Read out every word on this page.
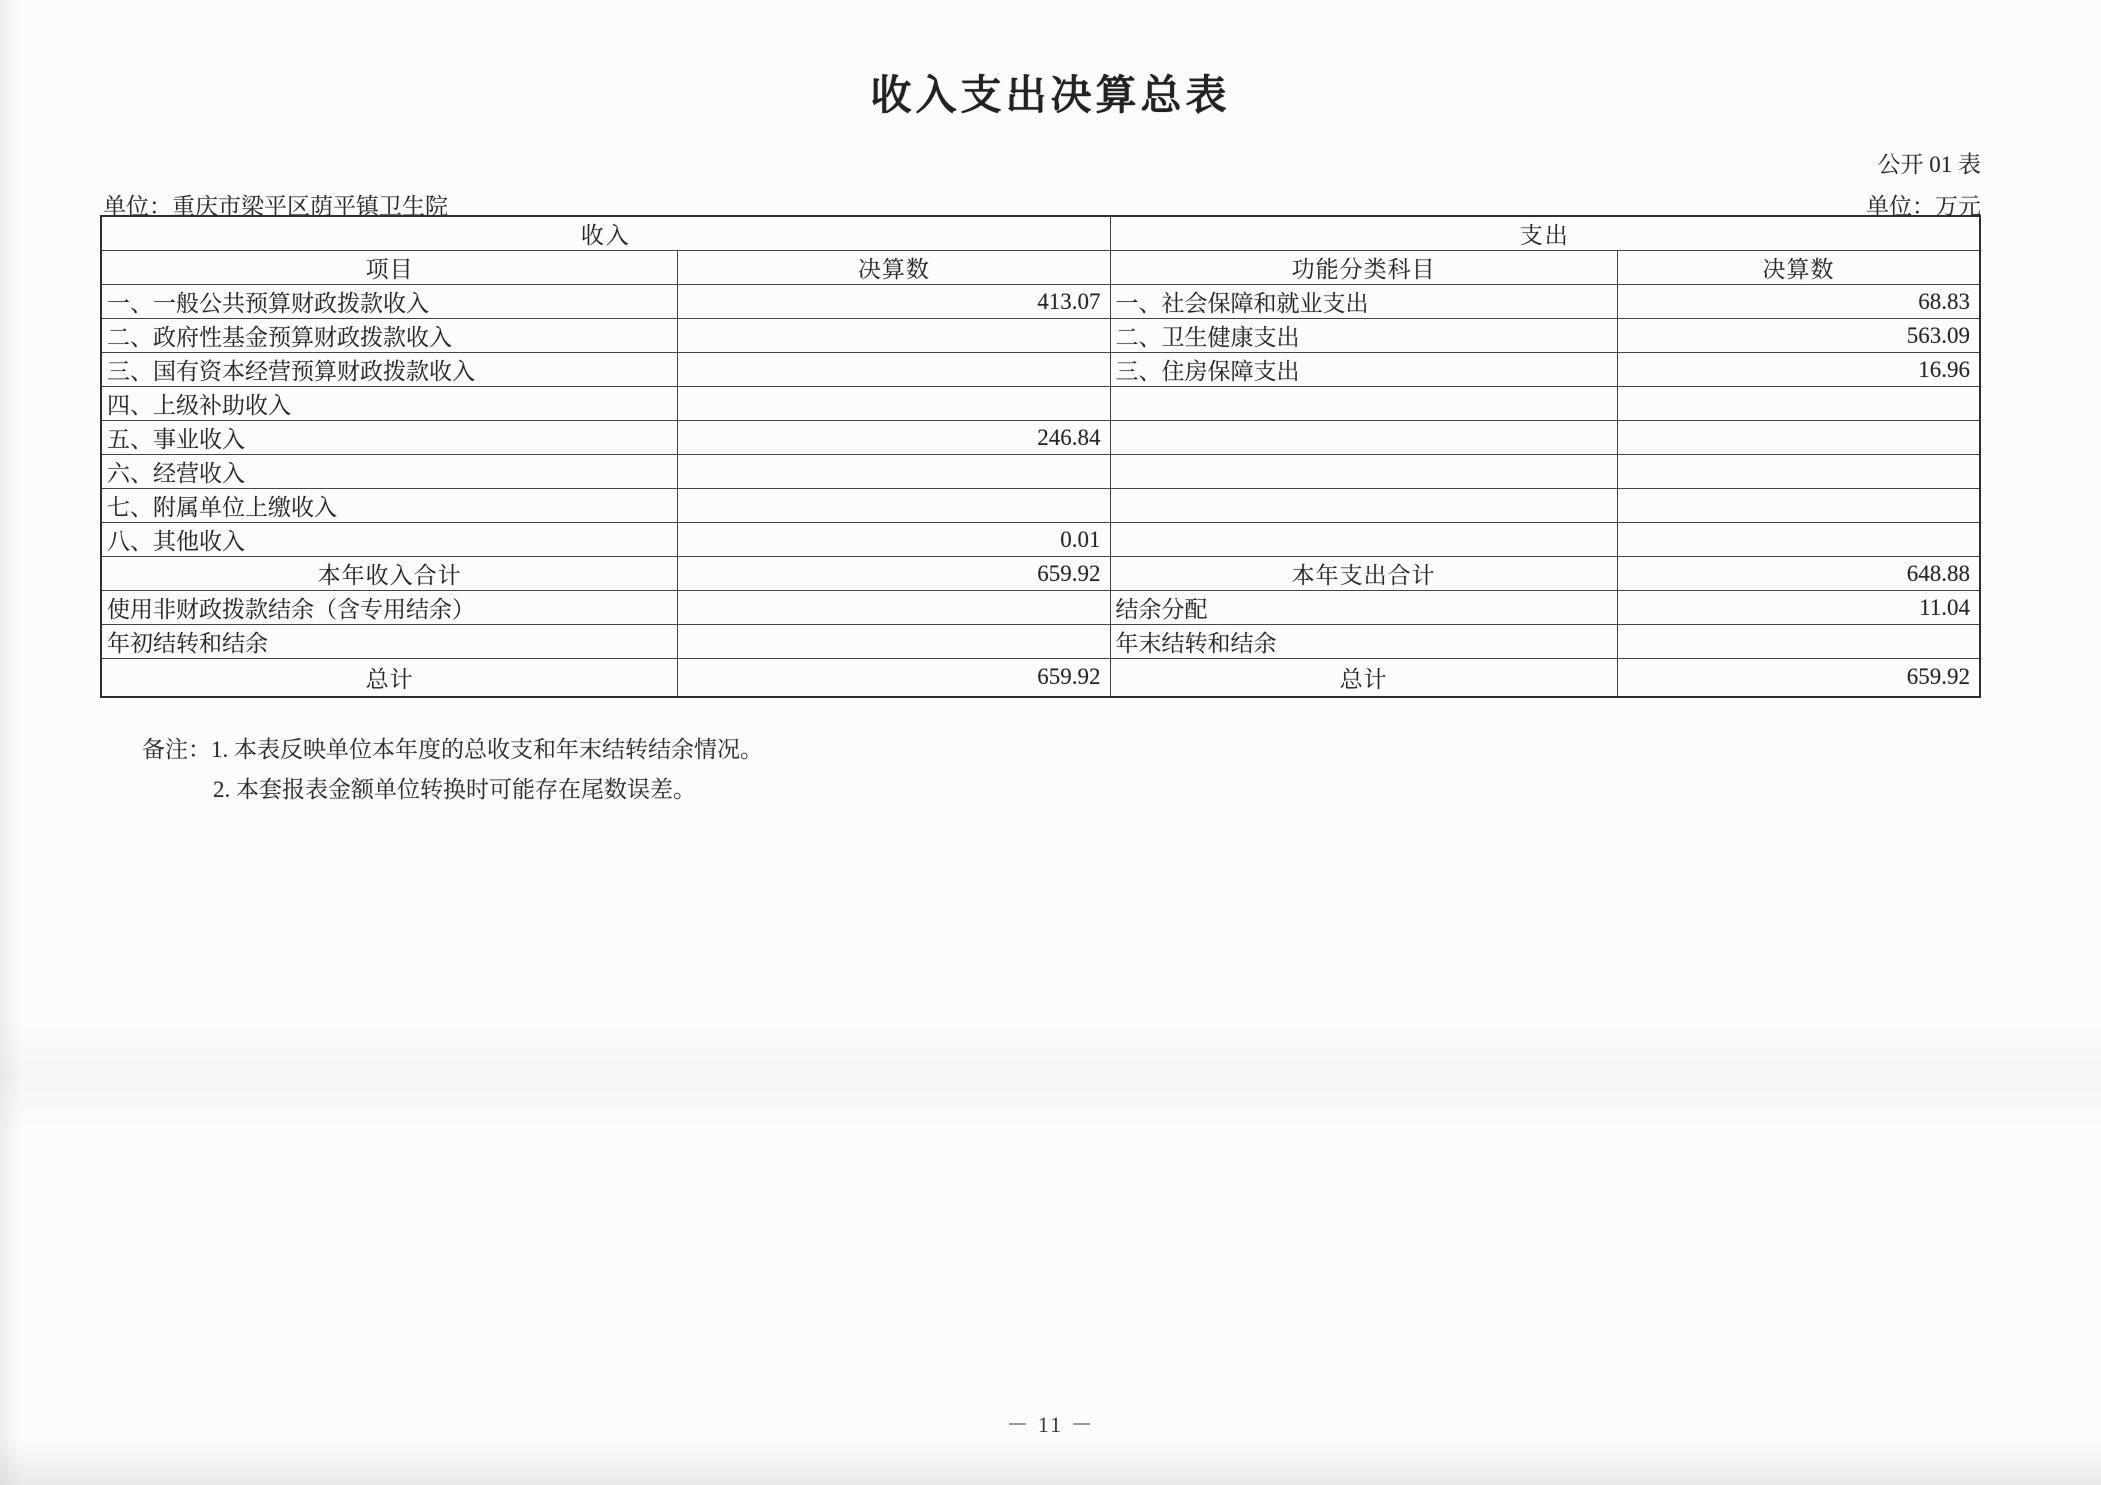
收入支出决算总表
公开 01 表
单位：重庆市梁平区荫平镇卫生院	单位：万元
收入		支出	
项目	决算数	功能分类科目	决算数
一、一般公共预算财政拨款收入	413.07	一、社会保障和就业支出	68.83
二、政府性基金预算财政拨款收入		二、卫生健康支出	563.09
三、国有资本经营预算财政拨款收入		三、住房保障支出	16.96
四、上级补助收入			
五、事业收入	246.84		
六、经营收入			
七、附属单位上缴收入			
八、其他收入	0.01		
本年收入合计	659.92	本年支出合计	648.88
使用非财政拨款结余（含专用结余）		结余分配	11.04
年初结转和结余		年末结转和结余	
总计	659.92	总计	659.92
备注：1. 本表反映单位本年度的总收支和年末结转结余情况。
2. 本套报表金额单位转换时可能存在尾数误差。
－ 11 －
